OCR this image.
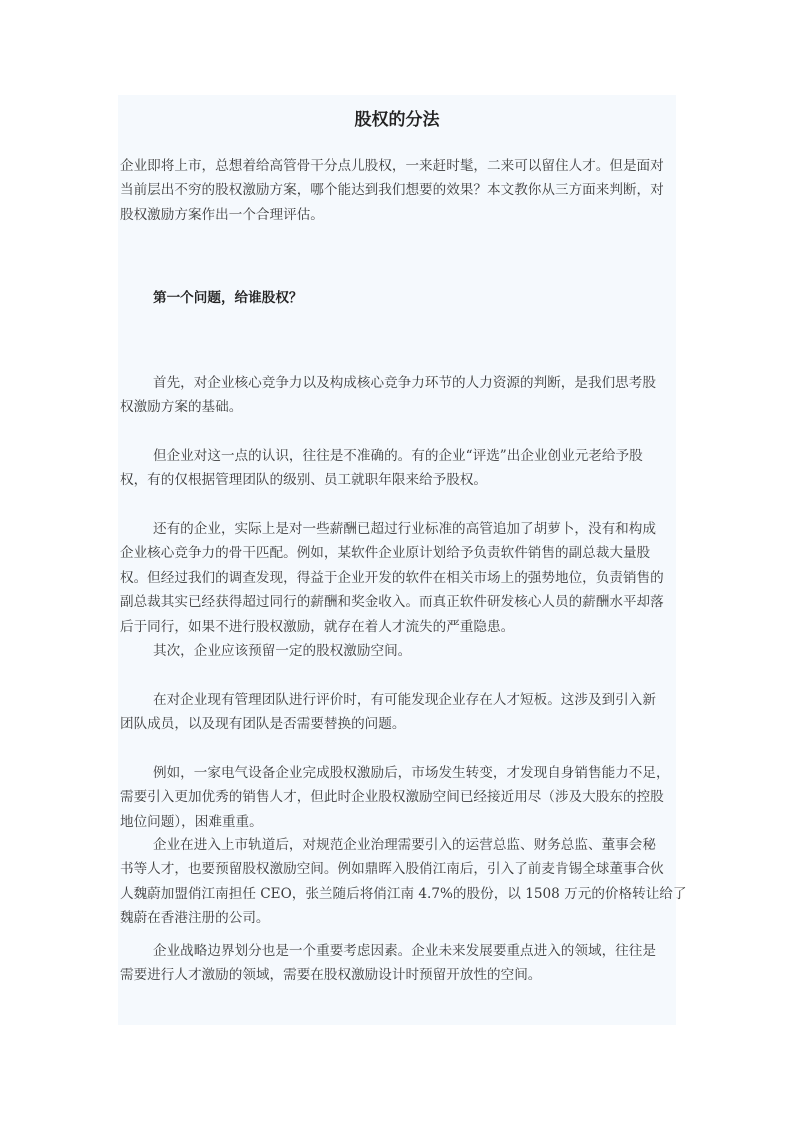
股权的分法
第一个问题，给谁股权？
企业即将上市，总想着给高管骨干分点儿股权，一来赶时髦，二来可以留住人才。但是面对
当前层出不穷的股权激励方案，哪个能达到我们想要的效果？本文教你从三方面来判断，对
股权激励方案作出一个合理评估。
首先，对企业核心竞争力以及构成核心竞争力环节的人力资源的判断，是我们思考股
权激励方案的基础。
但企业对这一点的认识，往往是不准确的。有的企业“评选”出企业创业元老给予股
权，有的仅根据管理团队的级别、员工就职年限来给予股权。
还有的企业，实际上是对一些薪酬已超过行业标准的高管追加了胡萝卜，没有和构成
企业核心竞争力的骨干匹配。例如，某软件企业原计划给予负责软件销售的副总裁大量股
权。但经过我们的调查发现，得益于企业开发的软件在相关市场上的强势地位，负责销售的
副总裁其实已经获得超过同行的薪酬和奖金收入。而真正软件研发核心人员的薪酬水平却落
后于同行，如果不进行股权激励，就存在着人才流失的严重隐患。
其次，企业应该预留一定的股权激励空间。
在对企业现有管理团队进行评价时，有可能发现企业存在人才短板。这涉及到引入新
团队成员，以及现有团队是否需要替换的问题。
例如，一家电气设备企业完成股权激励后，市场发生转变，才发现自身销售能力不足，
需要引入更加优秀的销售人才，但此时企业股权激励空间已经接近用尽（涉及大股东的控股
地位问题），困难重重。
企业在进入上市轨道后，对规范企业治理需要引入的运营总监、财务总监、董事会秘
书等人才，也要预留股权激励空间。例如鼎晖入股俏江南后，引入了前麦肯锡全球董事合伙
人魏蔚加盟俏江南担任 CEO，张兰随后将俏江南 4.7%的股份，以 1508 万元的价格转让给了
魏蔚在香港注册的公司。
企业战略边界划分也是一个重要考虑因素。企业未来发展要重点进入的领域，往往是
需要进行人才激励的领域，需要在股权激励设计时预留开放性的空间。
